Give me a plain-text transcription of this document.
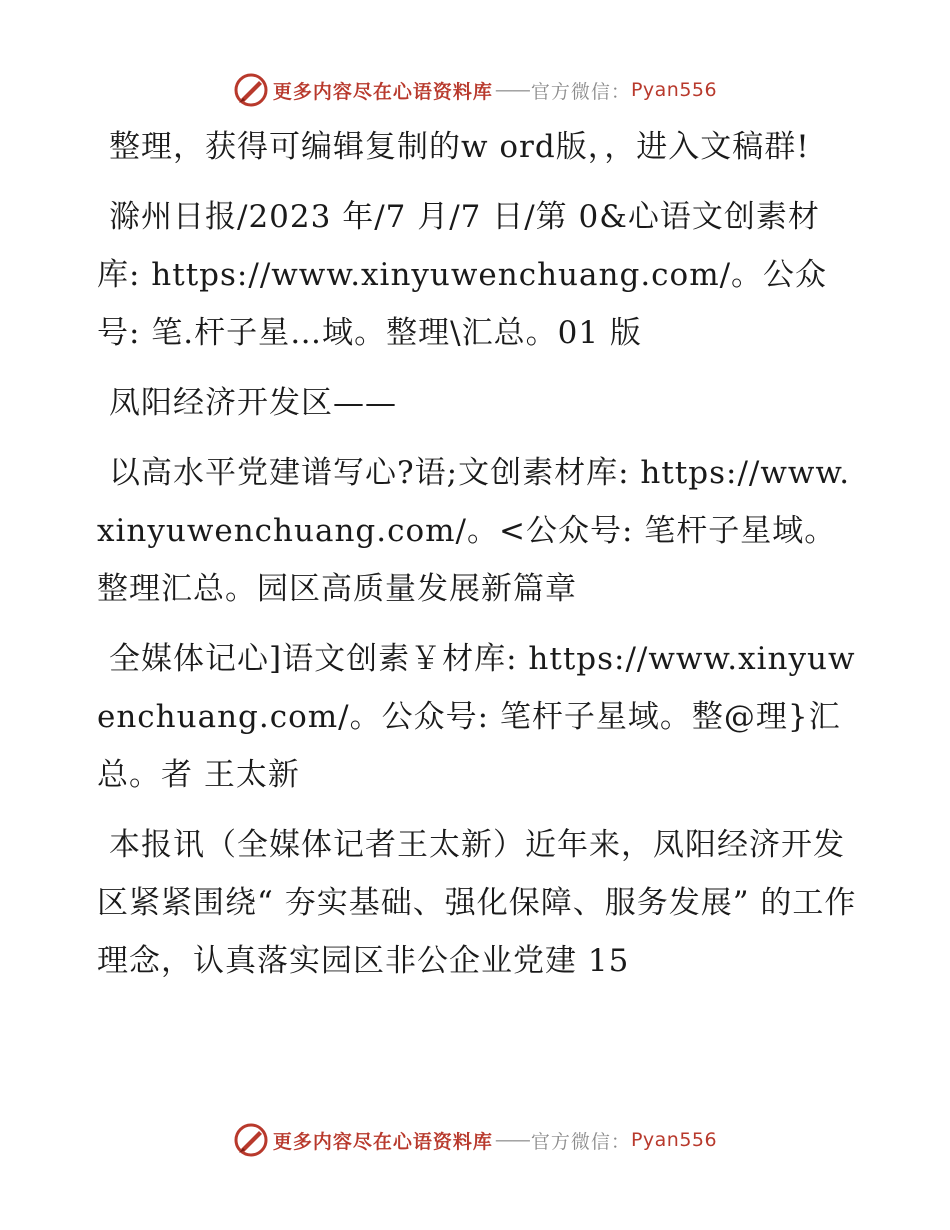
更多内容尽在心语资料库 —— 官方微信： Pyan556

整理，获得可编辑复制的w ord版，，进入文稿群!

滁州日报/2023 年/7 月/7 日/第 0&心语文创素材库: https://www.xinyuwenchuang.com/。公众号: 笔.杆子星…域。整理\汇总。01 版

凤阳经济开发区——

以高水平党建谱写心?语;文创素材库: https://www.xinyuwenchuang.com/。<公众号: 笔杆子星域。整理汇总。园区高质量发展新篇章

全媒体记心]语文创素￥材库: https://www.xinyuwenchuang.com/。公众号: 笔杆子星域。整@理}汇总。者 王太新

本报讯（全媒体记者王太新）近年来，凤阳经济开发区紧紧围绕“ 夯实基础、强化保障、服务发展” 的工作理念，认真落实园区非公企业党建 15

更多内容尽在心语资料库 —— 官方微信： Pyan556
